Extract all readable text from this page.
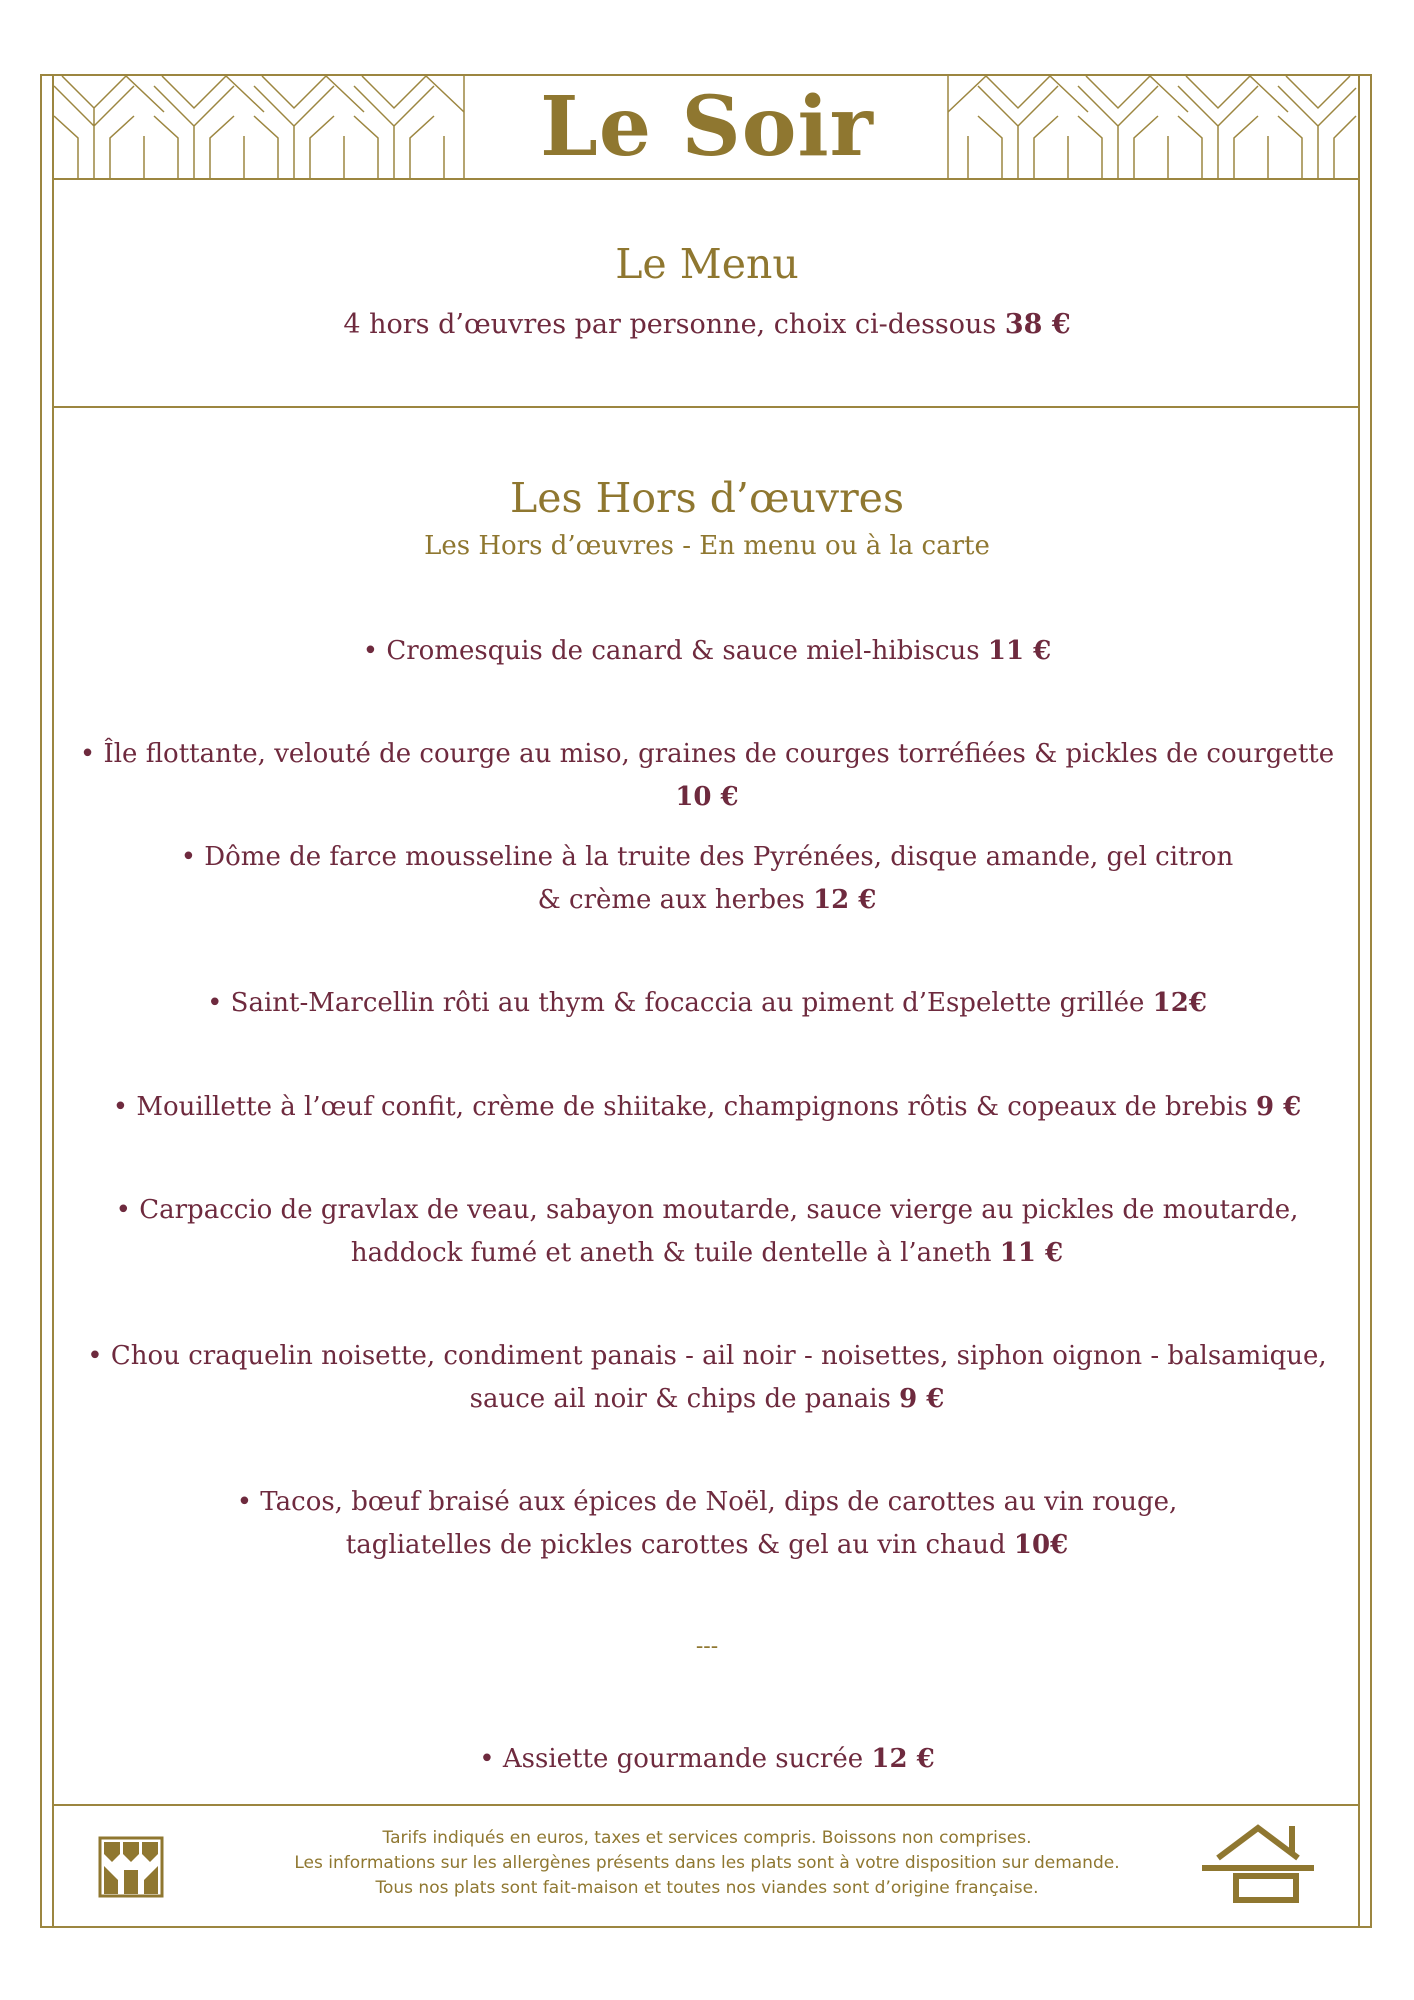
Le Soir
Le Menu
4 hors d’œuvres par personne, choix ci-dessous 38 €
Les Hors d’œuvres
Les Hors d’œuvres - En menu ou à la carte
• Cromesquis de canard & sauce miel-hibiscus 11 €
• Île flottante, velouté de courge au miso, graines de courges torréfiées & pickles de courgette 10 €
• Dôme de farce mousseline à la truite des Pyrénées, disque amande, gel citron
& crème aux herbes 12 €
• Saint-Marcellin rôti au thym & focaccia au piment d’Espelette grillée 12€
• Mouillette à l’œuf confit, crème de shiitake, champignons rôtis & copeaux de brebis 9 €
• Carpaccio de gravlax de veau, sabayon moutarde, sauce vierge au pickles de moutarde,
haddock fumé et aneth & tuile dentelle à l’aneth 11 €
• Chou craquelin noisette, condiment panais - ail noir - noisettes, siphon oignon - balsamique,
sauce ail noir & chips de panais 9 €
• Tacos, bœuf braisé aux épices de Noël, dips de carottes au vin rouge,
tagliatelles de pickles carottes & gel au vin chaud 10€
---
• Assiette gourmande sucrée 12 €
Tarifs indiqués en euros, taxes et services compris. Boissons non comprises.
Les informations sur les allergènes présents dans les plats sont à votre disposition sur demande.
Tous nos plats sont fait-maison et toutes nos viandes sont d’origine française.
